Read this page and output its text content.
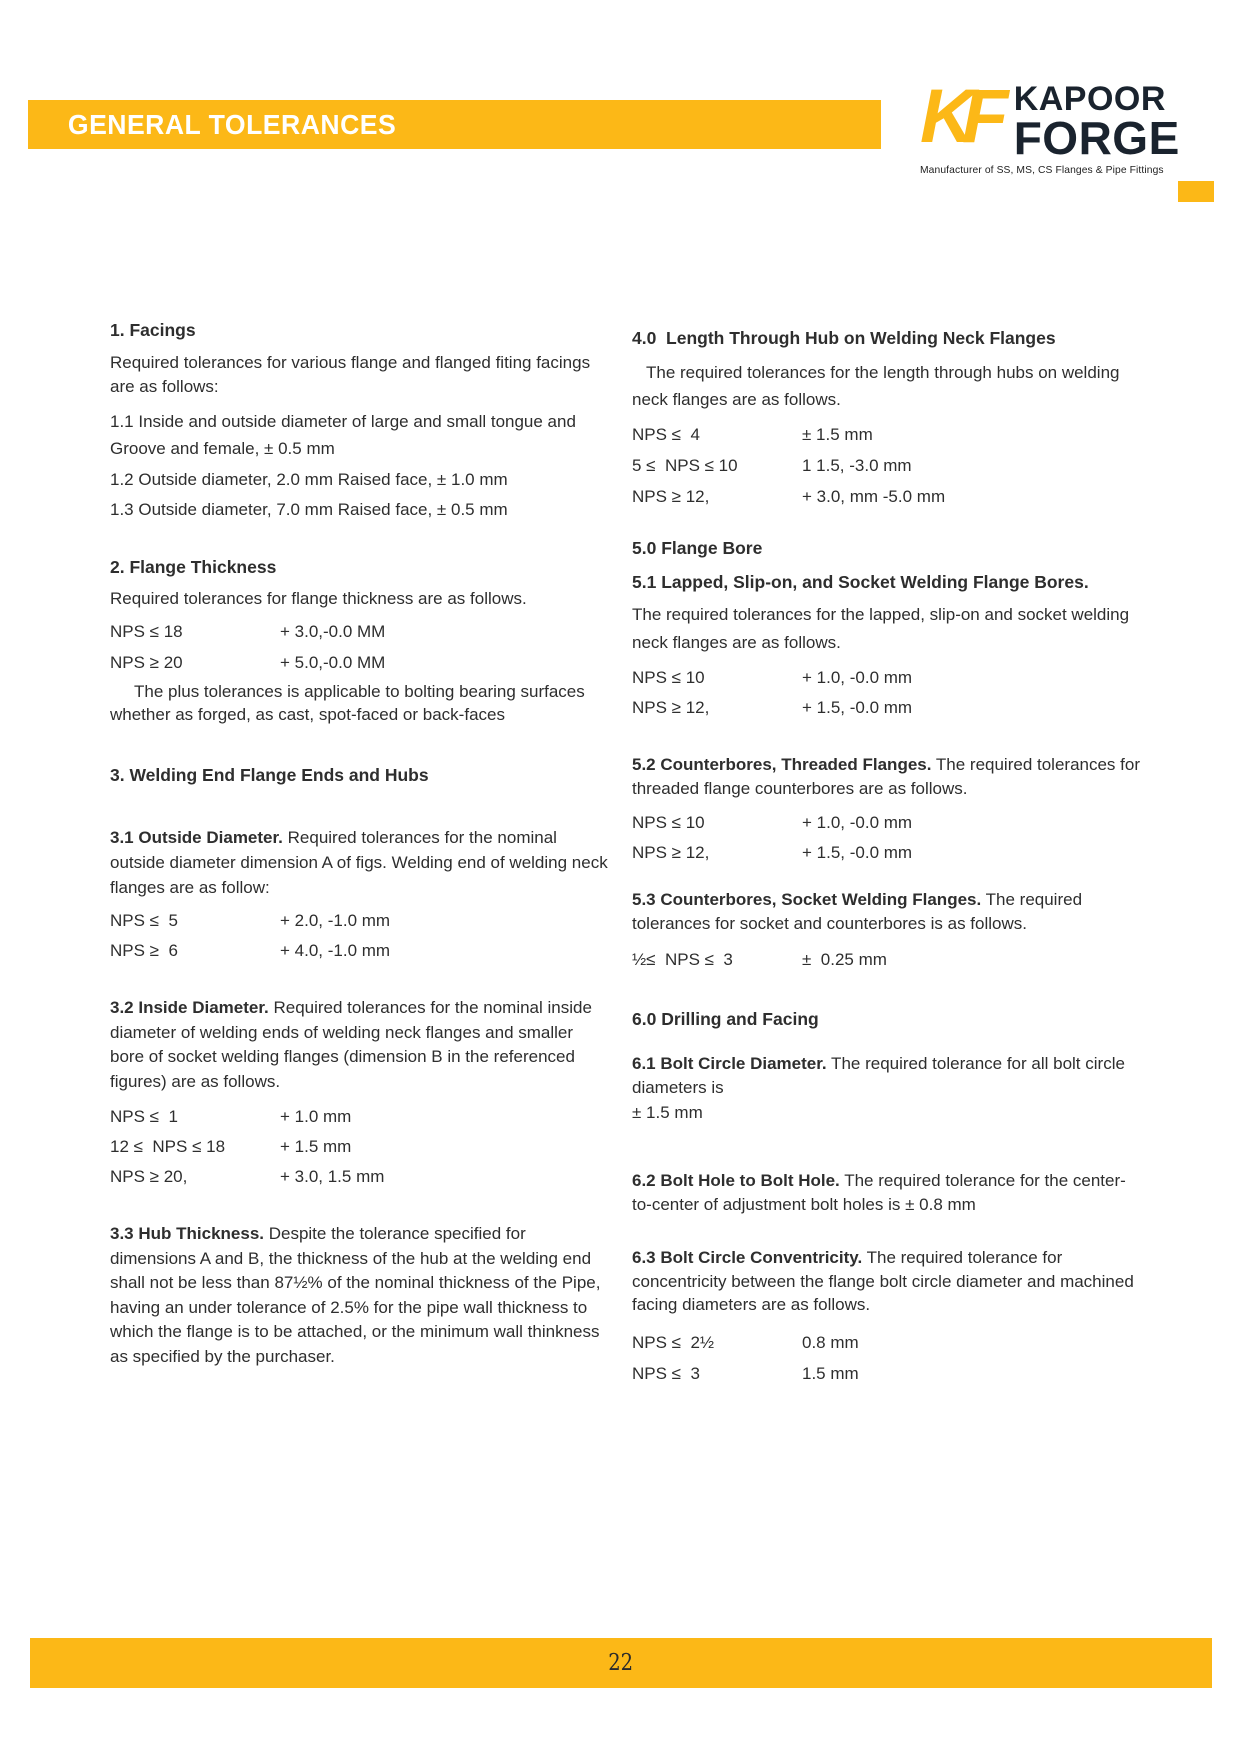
GENERAL TOLERANCES	KF KAPOOR
FORGE
Manufacturer of SS, MS, CS Flanges & Pipe Fittings

1. Facings

Required tolerances for various flange and flanged fiting facings are as follows:

1.1 Inside and outside diameter of large and small tongue and Groove and female, ± 0.5 mm

1.2 Outside diameter, 2.0 mm Raised face, ± 1.0 mm

1.3 Outside diameter, 7.0 mm Raised face, ± 0.5 mm

2. Flange Thickness

Required tolerances for flange thickness are as follows.

NPS ≤ 18	+ 3.0,-0.0 MM
NPS ≥ 20	+ 5.0,-0.0 MM

The plus tolerances is applicable to bolting bearing surfaces whether as forged, as cast, spot-faced or back-faces

3. Welding End Flange Ends and Hubs

3.1 Outside Diameter. Required tolerances for the nominal outside diameter dimension A of figs. Welding end of welding neck flanges are as follow:

NPS ≤  5	+ 2.0, -1.0 mm
NPS ≥  6	+ 4.0, -1.0 mm

3.2 Inside Diameter. Required tolerances for the nominal inside diameter of welding ends of welding neck flanges and smaller bore of socket welding flanges (dimension B in the referenced figures) are as follows.

NPS ≤  1	+ 1.0 mm
12 ≤  NPS ≤ 18	+ 1.5 mm
NPS ≥ 20,	+ 3.0, 1.5 mm

3.3 Hub Thickness. Despite the tolerance specified for dimensions A and B, the thickness of the hub at the welding end shall not be less than 87½% of the nominal thickness of the Pipe, having an under tolerance of 2.5% for the pipe wall thickness to which the flange is to be attached, or the minimum wall thinkness as specified by the purchaser.

4.0  Length Through Hub on Welding Neck Flanges

The required tolerances for the length through hubs on welding neck flanges are as follows.

NPS ≤  4	± 1.5 mm
5 ≤  NPS ≤ 10	1 1.5, -3.0 mm
NPS ≥ 12,	+ 3.0, mm -5.0 mm

5.0 Flange Bore

5.1 Lapped, Slip-on, and Socket Welding Flange Bores.

The required tolerances for the lapped, slip-on and socket welding neck flanges are as follows.

NPS ≤ 10	+ 1.0, -0.0 mm
NPS ≥ 12,	+ 1.5, -0.0 mm

5.2 Counterbores, Threaded Flanges. The required tolerances for threaded flange counterbores are as follows.

NPS ≤ 10	+ 1.0, -0.0 mm
NPS ≥ 12,	+ 1.5, -0.0 mm

5.3 Counterbores, Socket Welding Flanges. The required tolerances for socket and counterbores is as follows.

½≤  NPS ≤  3	±  0.25 mm

6.0 Drilling and Facing

6.1 Bolt Circle Diameter. The required tolerance for all bolt circle diameters is

± 1.5 mm

6.2 Bolt Hole to Bolt Hole. The required tolerance for the center-to-center of adjustment bolt holes is ± 0.8 mm

6.3 Bolt Circle Conventricity. The required tolerance for concentricity between the flange bolt circle diameter and machined facing diameters are as follows.

NPS ≤  2½	0.8 mm
NPS ≤  3	1.5 mm
22
